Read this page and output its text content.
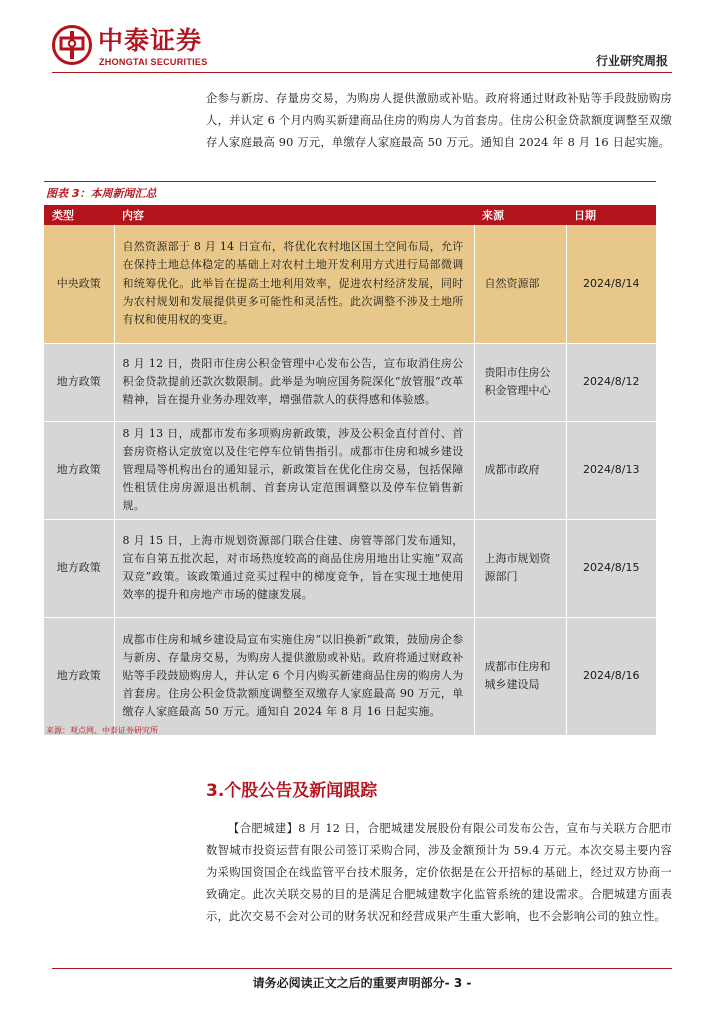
中泰证券
ZHONGTAI SECURITIES	行业研究周报

企参与新房、存量房交易，为购房人提供激励或补贴。政府将通过财政补贴等手段鼓励购房人，并认定 6 个月内购买新建商品住房的购房人为首套房。住房公积金贷款额度调整至双缴存人家庭最高 90 万元，单缴存人家庭最高 50 万元。通知自 2024 年 8 月 16 日起实施。

图表 3：本周新闻汇总
类型	内容	来源	日期
中央政策	自然资源部于 8 月 14 日宣布，将优化农村地区国土空间布局，允许在保持土地总体稳定的基础上对农村土地开发利用方式进行局部微调和统筹优化。此举旨在提高土地利用效率，促进农村经济发展，同时为农村规划和发展提供更多可能性和灵活性。此次调整不涉及土地所有权和使用权的变更。	自然资源部	2024/8/14
地方政策	8 月 12 日，贵阳市住房公积金管理中心发布公告，宣布取消住房公积金贷款提前还款次数限制。此举是为响应国务院深化“放管服”改革精神，旨在提升业务办理效率，增强借款人的获得感和体验感。	贵阳市住房公积金管理中心	2024/8/12
地方政策	8 月 13 日，成都市发布多项购房新政策，涉及公积金直付首付、首套房资格认定放宽以及住宅停车位销售指引。成都市住房和城乡建设管理局等机构出台的通知显示，新政策旨在优化住房交易，包括保障性租赁住房房源退出机制、首套房认定范围调整以及停车位销售新规。	成都市政府	2024/8/13
地方政策	8 月 15 日，上海市规划资源部门联合住建、房管等部门发布通知，宣布自第五批次起，对市场热度较高的商品住房用地出让实施“双高双竞”政策。该政策通过竞买过程中的梯度竞争，旨在实现土地使用效率的提升和房地产市场的健康发展。	上海市规划资源部门	2024/8/15
地方政策	成都市住房和城乡建设局宣布实施住房“以旧换新”政策，鼓励房企参与新房、存量房交易，为购房人提供激励或补贴。政府将通过财政补贴等手段鼓励购房人，并认定 6 个月内购买新建商品住房的购房人为首套房。住房公积金贷款额度调整至双缴存人家庭最高 90 万元，单缴存人家庭最高 50 万元。通知自 2024 年 8 月 16 日起实施。	成都市住房和城乡建设局	2024/8/16
来源：观点网、中泰证券研究所
3.个股公告及新闻跟踪

【合肥城建】8 月 12 日，合肥城建发展股份有限公司发布公告，宣布与关联方合肥市数智城市投资运营有限公司签订采购合同，涉及金额预计为 59.4 万元。本次交易主要内容为采购国资国企在线监管平台技术服务，定价依据是在公开招标的基础上，经过双方协商一致确定。此次关联交易的目的是满足合肥城建数字化监管系统的建设需求。合肥城建方面表示，此次交易不会对公司的财务状况和经营成果产生重大影响，也不会影响公司的独立性。

请务必阅读正文之后的重要声明部分- 3 -
